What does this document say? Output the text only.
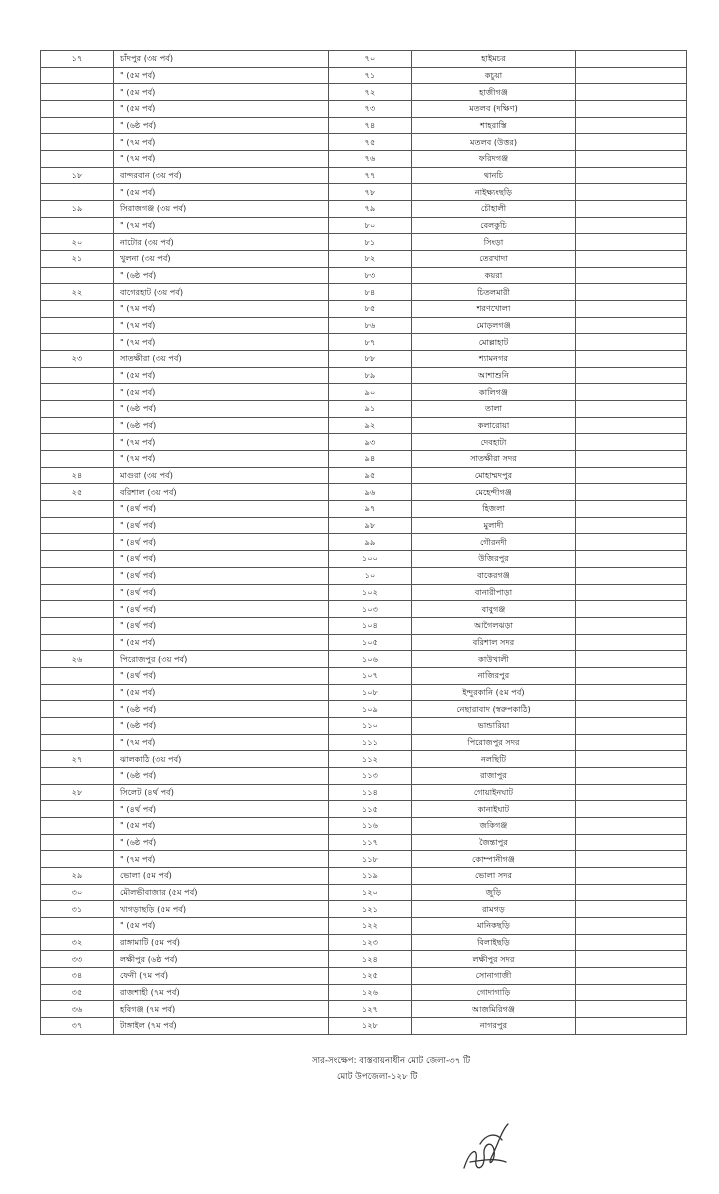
১৭	চাঁদপুর (৩য় পর্ব)	৭০	হাইমচর	
	" (৫ম পর্ব)	৭১	কচুয়া	
	" (৫ম পর্ব)	৭২	হাজীগঞ্জ	
	" (৫ম পর্ব)	৭৩	মতলব (দক্ষিণ)	
	" (৬ষ্ঠ পর্ব)	৭৪	শাহরাস্তি	
	" (৭ম পর্ব)	৭৫	মতলব (উত্তর)	
	" (৭ম পর্ব)	৭৬	ফরিদগঞ্জ	
১৮	বান্দরবান (৩য় পর্ব)	৭৭	থানচি	
	" (৫ম পর্ব)	৭৮	নাইক্ষ্যংছড়ি	
১৯	সিরাজগঞ্জ (৩য় পর্ব)	৭৯	চৌহালী	
	" (৭ম পর্ব)	৮০	বেলকুচি	
২০	নাটোর (৩য় পর্ব)	৮১	সিংড়া	
২১	খুলনা (৩য় পর্ব)	৮২	তেরখাদা	
	" (৬ষ্ঠ পর্ব)	৮৩	কয়রা	
২২	বাগেরহাট (৩য় পর্ব)	৮৪	চিতলমারী	
	" (৭ম পর্ব)	৮৫	শরণখোলা	
	" (৭ম পর্ব)	৮৬	মোড়লগঞ্জ	
	" (৭ম পর্ব)	৮৭	মোল্লাহাট	
২৩	সাতক্ষীরা (৩য় পর্ব)	৮৮	শ্যামনগর	
	" (৫ম পর্ব)	৮৯	আশাশুনি	
	" (৫ম পর্ব)	৯০	কালিগঞ্জ	
	" (৬ষ্ঠ পর্ব)	৯১	তালা	
	" (৬ষ্ঠ পর্ব)	৯২	কলারোয়া	
	" (৭ম পর্ব)	৯৩	দেবহাটা	
	" (৭ম পর্ব)	৯৪	সাতক্ষীরা সদর	
২৪	মাগুরা (৩য় পর্ব)	৯৫	মোহাম্মদপুর	
২৫	বরিশাল (৩য় পর্ব)	৯৬	মেহেন্দীগঞ্জ	
	" (৪র্থ পর্ব)	৯৭	হিজলা	
	" (৪র্থ পর্ব)	৯৮	মুলাদী	
	" (৪র্থ পর্ব)	৯৯	গৌরনদী	
	" (৪র্থ পর্ব)	১০০	উজিরপুর	
	" (৪র্থ পর্ব)	১০	বাকেরগঞ্জ	
	" (৪র্থ পর্ব)	১০২	বানারীপাড়া	
	" (৪র্থ পর্ব)	১০৩	বাবুগঞ্জ	
	" (৪র্থ পর্ব)	১০৪	আগৈলঝড়া	
	" (৫ম পর্ব)	১০৫	বরিশাল সদর	
২৬	পিরোজপুর (৩য় পর্ব)	১০৬	কাউখালী	
	" (৪র্থ পর্ব)	১০৭	নাজিরপুর	
	" (৫ম পর্ব)	১০৮	ইন্দুরকানি (৫ম পর্ব)	
	" (৬ষ্ঠ পর্ব)	১০৯	নেছারাবাদ (স্বরুপকাঠি)	
	" (৬ষ্ঠ পর্ব)	১১০	ভান্ডারিয়া	
	" (৭ম পর্ব)	১১১	পিরোজপুর সদর	
২৭	ঝালকাঠি (৩য় পর্ব)	১১২	নলছিটি	
	" (৬ষ্ঠ পর্ব)	১১৩	রাজাপুর	
২৮	সিলেট (৪র্থ পর্ব)	১১৪	গোয়াইনঘাট	
	" (৪র্থ পর্ব)	১১৫	কানাইঘাট	
	" (৫ম পর্ব)	১১৬	জকিগঞ্জ	
	" (৬ষ্ঠ পর্ব)	১১৭	জৈন্তাপুর	
	" (৭ম পর্ব)	১১৮	কোম্পানীগঞ্জ	
২৯	ভোলা (৫ম পর্ব)	১১৯	ভোলা সদর	
৩০	মৌলভীবাজার (৫ম পর্ব)	১২০	জুড়ি	
৩১	খাগড়াছড়ি (৫ম পর্ব)	১২১	রামগড়	
	" (৫ম পর্ব)	১২২	মানিকছড়ি	
৩২	রাঙ্গামাটি (৫ম পর্ব)	১২৩	বিলাইছড়ি	
৩৩	লক্ষীপুর (৬ষ্ঠ পর্ব)	১২৪	লক্ষীপুর সদর	
৩৪	ফেনী (৭ম পর্ব)	১২৫	সোনাগাজী	
৩৫	রাজশাহী (৭ম পর্ব)	১২৬	গোদাগাড়ি	
৩৬	হবিগঞ্জ (৭ম পর্ব)	১২৭	আজমিরিগঞ্জ	
৩৭	টাঙ্গাইল (৭ম পর্ব)	১২৮	নাগরপুর	
সার-সংক্ষেপ: বাস্তবায়নাধীন মোট জেলা-৩৭ টি
মোট উপজেলা-১২৮ টি
